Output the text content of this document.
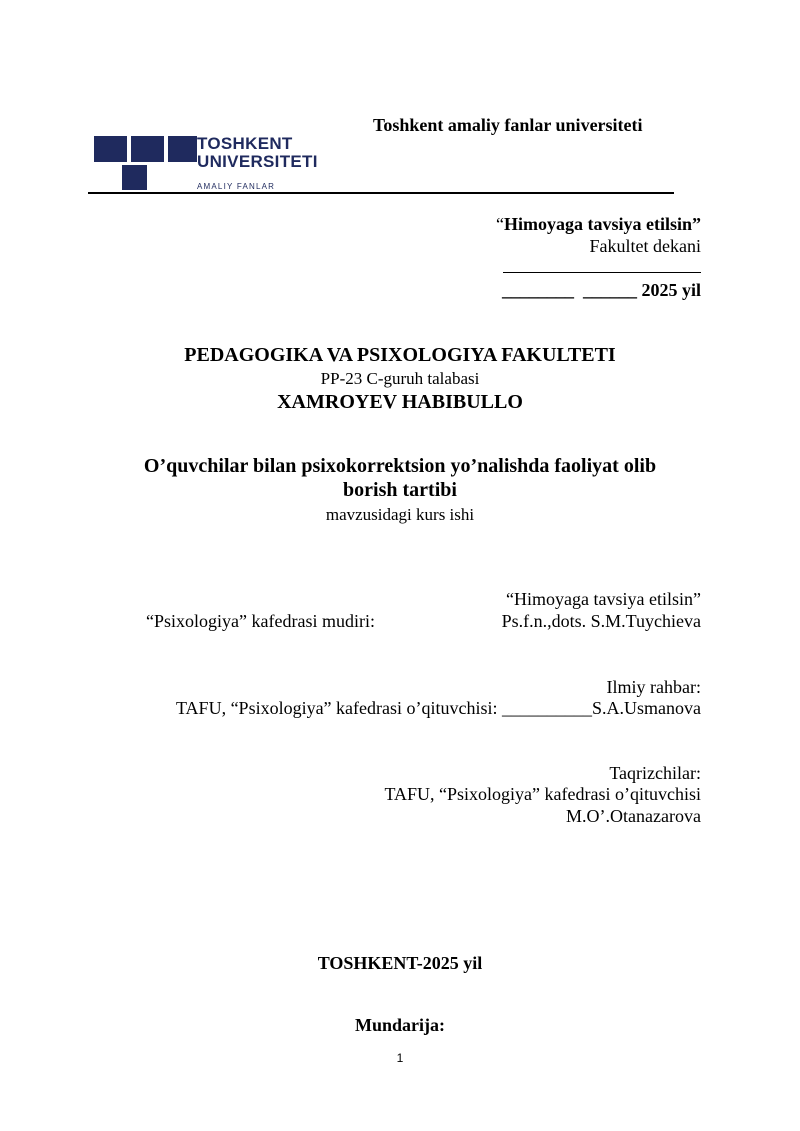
Toshkent amaliy fanlar universiteti
TOSHKENT
UNIVERSITETI
AMALIY FANLAR
“Himoyaga tavsiya etilsin”
Fakultet dekani
________  ______ 2025 yil
PEDAGOGIKA VA PSIXOLOGIYA FAKULTETI
PP-23 C-guruh talabasi
XAMROYEV HABIBULLO
O’quvchilar bilan psixokorrektsion yo’nalishda faoliyat olib
borish tartibi
mavzusidagi kurs ishi
“Himoyaga tavsiya etilsin”
“Psixologiya” kafedrasi mudiri:	Ps.f.n.,dots. S.M.Tuychieva
Ilmiy rahbar:
TAFU, “Psixologiya” kafedrasi o’qituvchisi: __________S.A.Usmanova
Taqrizchilar:
TAFU, “Psixologiya” kafedrasi o’qituvchisi
M.O’.Otanazarova
TOSHKENT-2025 yil
Mundarija:
1
